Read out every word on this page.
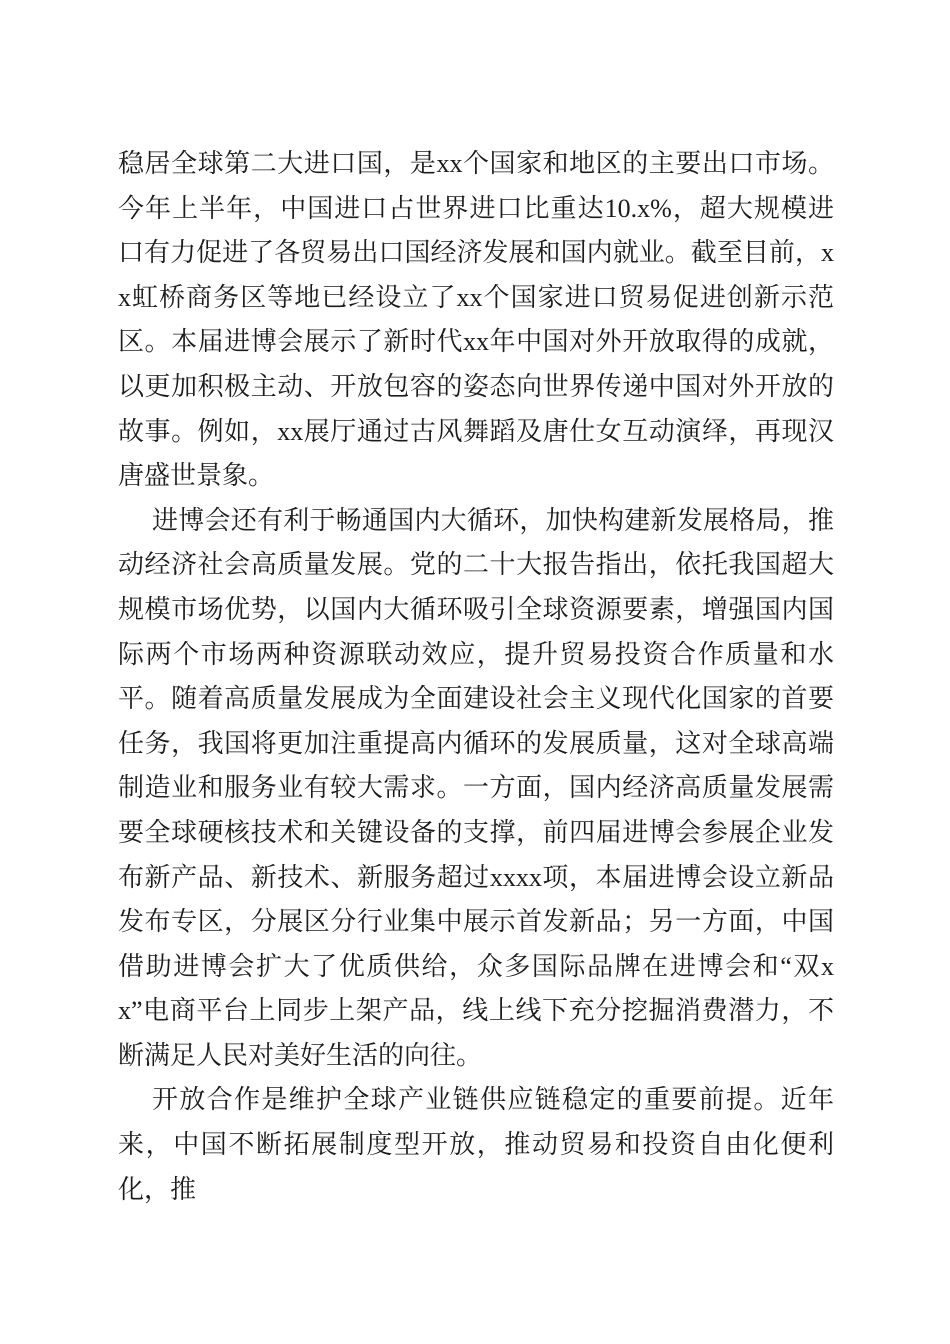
稳居全球第二大进口国，是xx个国家和地区的主要出口市场。今年上半年，中国进口占世界进口比重达10.x%，超大规模进口有力促进了各贸易出口国经济发展和国内就业。截至目前，xx虹桥商务区等地已经设立了xx个国家进口贸易促进创新示范区。本届进博会展示了新时代xx年中国对外开放取得的成就，以更加积极主动、开放包容的姿态向世界传递中国对外开放的故事。例如，xx展厅通过古风舞蹈及唐仕女互动演绎，再现汉唐盛世景象。

进博会还有利于畅通国内大循环，加快构建新发展格局，推动经济社会高质量发展。党的二十大报告指出，依托我国超大规模市场优势，以国内大循环吸引全球资源要素，增强国内国际两个市场两种资源联动效应，提升贸易投资合作质量和水平。随着高质量发展成为全面建设社会主义现代化国家的首要任务，我国将更加注重提高内循环的发展质量，这对全球高端制造业和服务业有较大需求。一方面，国内经济高质量发展需要全球硬核技术和关键设备的支撑，前四届进博会参展企业发布新产品、新技术、新服务超过xxxx项，本届进博会设立新品发布专区，分展区分行业集中展示首发新品；另一方面，中国借助进博会扩大了优质供给，众多国际品牌在进博会和“双xx”电商平台上同步上架产品，线上线下充分挖掘消费潜力，不断满足人民对美好生活的向往。

开放合作是维护全球产业链供应链稳定的重要前提。近年来，中国不断拓展制度型开放，推动贸易和投资自由化便利化，推
